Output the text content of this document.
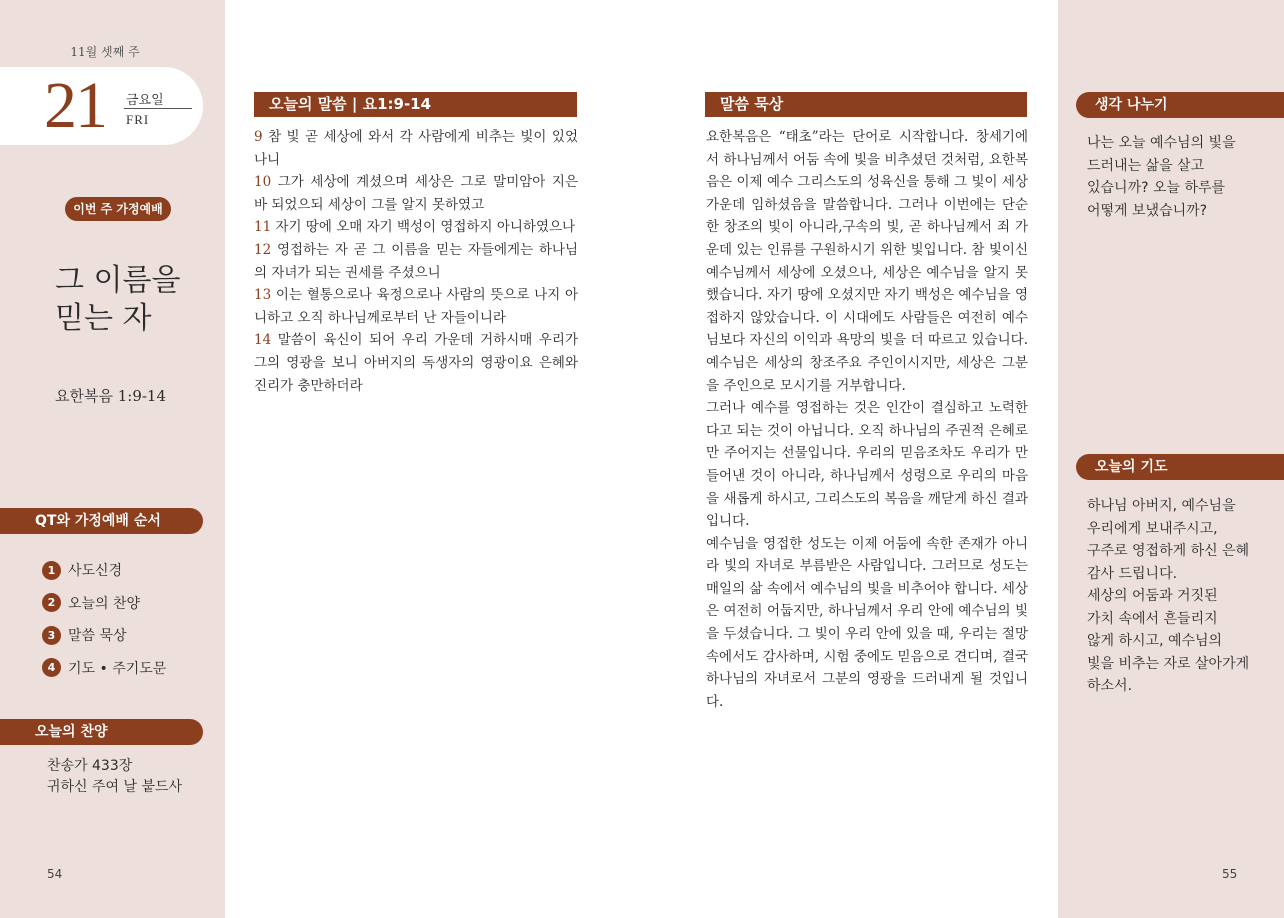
11월 셋째 주
21 금요일
FRI
이번 주 가정예배
그 이름을
믿는 자
요한복음 1:9-14
QT와 가정예배 순서
1 사도신경
2 오늘의 찬양
3 말씀 묵상
4 기도 • 주기도문
오늘의 찬양
찬송가 433장
귀하신 주여 날 붙드사
54
오늘의 말씀 | 요1:9-14
9 참 빛 곧 세상에 와서 각 사람에게 비추는 빛이 있었나니
10 그가 세상에 계셨으며 세상은 그로 말미암아 지은 바 되었으되 세상이 그를 알지 못하였고
11 자기 땅에 오매 자기 백성이 영접하지 아니하였으나
12 영접하는 자 곧 그 이름을 믿는 자들에게는 하나님의 자녀가 되는 권세를 주셨으니
13 이는 혈통으로나 육정으로나 사람의 뜻으로 나지 아니하고 오직 하나님께로부터 난 자들이니라
14 말씀이 육신이 되어 우리 가운데 거하시매 우리가 그의 영광을 보니 아버지의 독생자의 영광이요 은혜와 진리가 충만하더라
말씀 묵상

요한복음은 “태초”라는 단어로 시작합니다. 창세기에서 하나님께서 어둠 속에 빛을 비추셨던 것처럼, 요한복음은 이제 예수 그리스도의 성육신을 통해 그 빛이 세상 가운데 임하셨음을 말씀합니다. 그러나 이번에는 단순한 창조의 빛이 아니라,구속의 빛, 곧 하나님께서 죄 가운데 있는 인류를 구원하시기 위한 빛입니다. 참 빛이신 예수님께서 세상에 오셨으나, 세상은 예수님을 알지 못했습니다. 자기 땅에 오셨지만 자기 백성은 예수님을 영접하지 않았습니다. 이 시대에도 사람들은 여전히 예수님보다 자신의 이익과 욕망의 빛을 더 따르고 있습니다. 예수님은 세상의 창조주요 주인이시지만, 세상은 그분을 주인으로 모시기를 거부합니다.

그러나 예수를 영접하는 것은 인간이 결심하고 노력한다고 되는 것이 아닙니다. 오직 하나님의 주권적 은혜로만 주어지는 선물입니다. 우리의 믿음조차도 우리가 만들어낸 것이 아니라, 하나님께서 성령으로 우리의 마음을 새롭게 하시고, 그리스도의 복음을 깨닫게 하신 결과입니다.

예수님을 영접한 성도는 이제 어둠에 속한 존재가 아니라 빛의 자녀로 부름받은 사람입니다. 그러므로 성도는 매일의 삶 속에서 예수님의 빛을 비추어야 합니다. 세상은 여전히 어둡지만, 하나님께서 우리 안에 예수님의 빛을 두셨습니다. 그 빛이 우리 안에 있을 때, 우리는 절망 속에서도 감사하며, 시험 중에도 믿음으로 견디며, 결국 하나님의 자녀로서 그분의 영광을 드러내게 될 것입니다.

생각 나누기
나는 오늘 예수님의 빛을
드러내는 삶을 살고
있습니까? 오늘 하루를
어떻게 보냈습니까?
오늘의 기도
하나님 아버지, 예수님을
우리에게 보내주시고,
구주로 영접하게 하신 은혜
감사 드립니다.
세상의 어둠과 거짓된
가치 속에서 흔들리지
않게 하시고, 예수님의
빛을 비추는 자로 살아가게
하소서.
55
